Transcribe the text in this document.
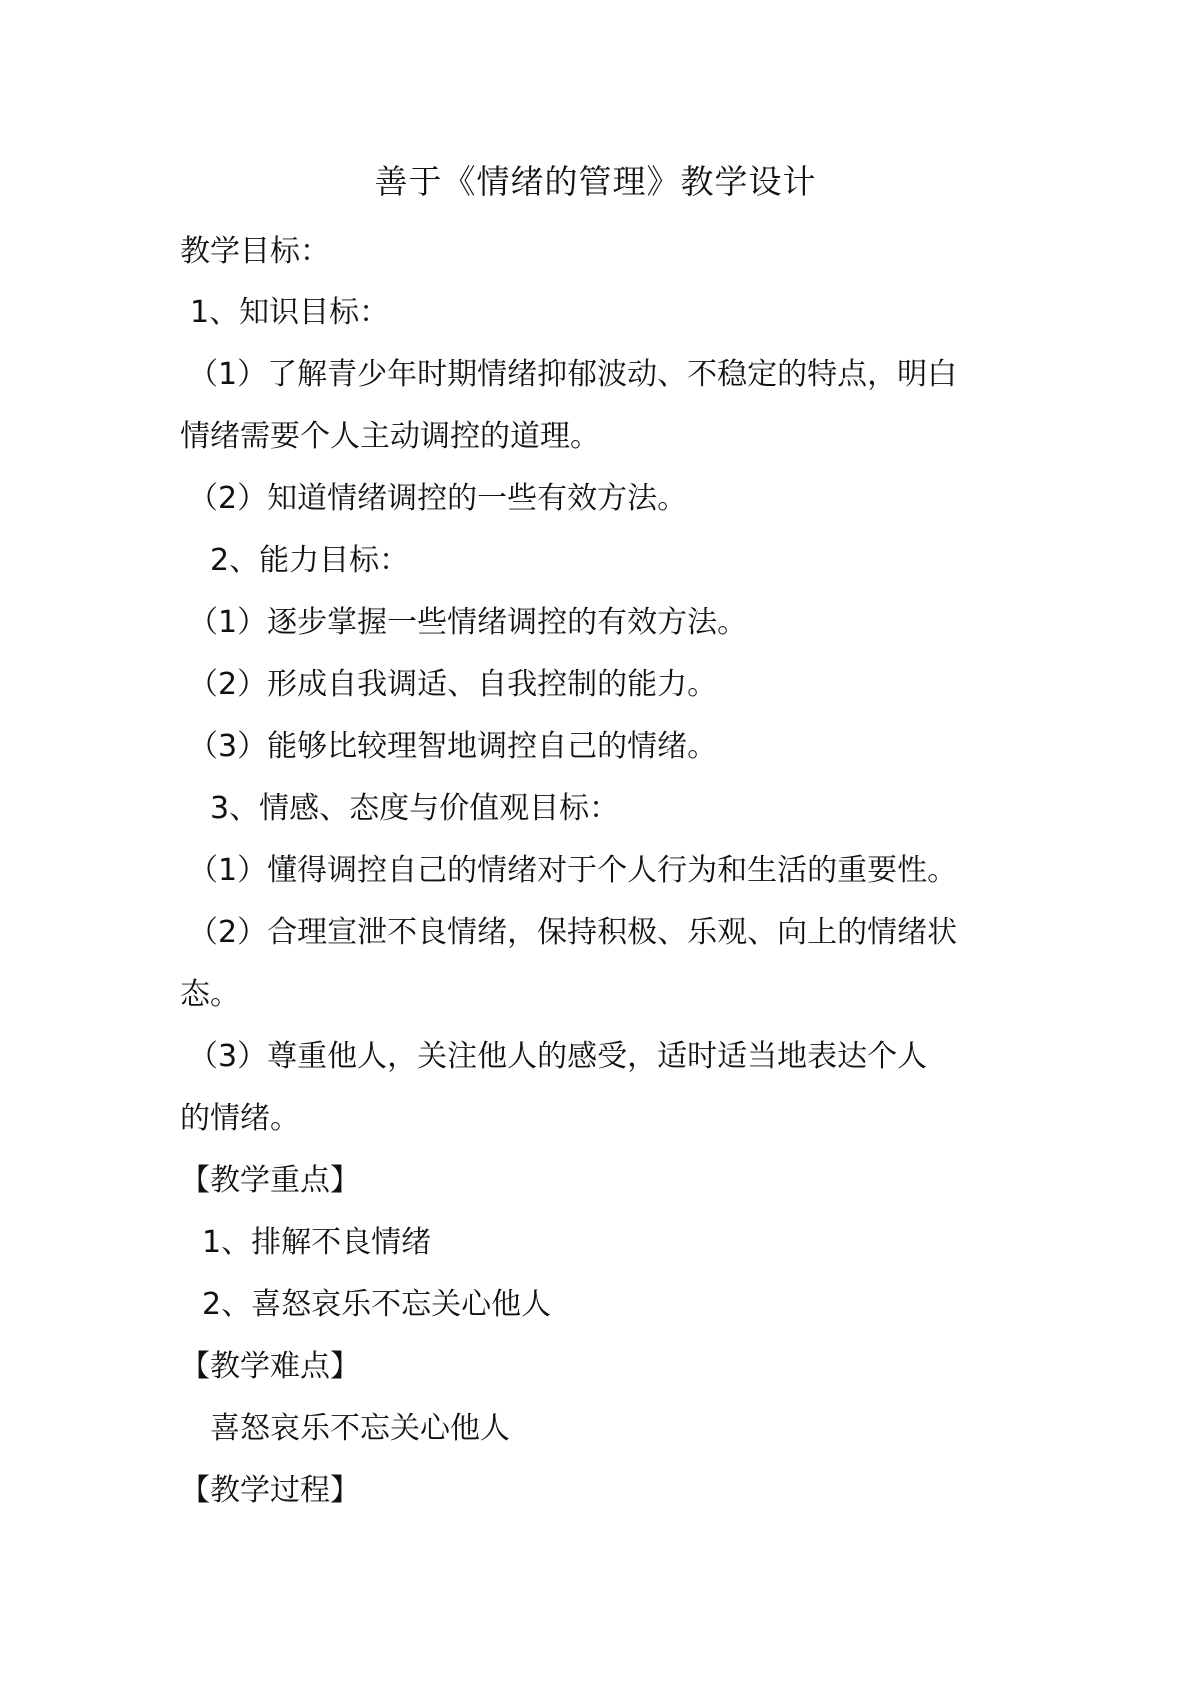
善于《情绪的管理》教学设计

教学目标：

1、知识目标：

（1）了解青少年时期情绪抑郁波动、不稳定的特点，明白

情绪需要个人主动调控的道理。

（2）知道情绪调控的一些有效方法。

2、能力目标：

（1）逐步掌握一些情绪调控的有效方法。

（2）形成自我调适、自我控制的能力。

（3）能够比较理智地调控自己的情绪。

3、情感、态度与价值观目标：

（1）懂得调控自己的情绪对于个人行为和生活的重要性。

（2）合理宣泄不良情绪，保持积极、乐观、向上的情绪状

态。

（3）尊重他人，关注他人的感受，适时适当地表达个人

的情绪。

【教学重点】

1、排解不良情绪

2、喜怒哀乐不忘关心他人

【教学难点】

喜怒哀乐不忘关心他人

【教学过程】
